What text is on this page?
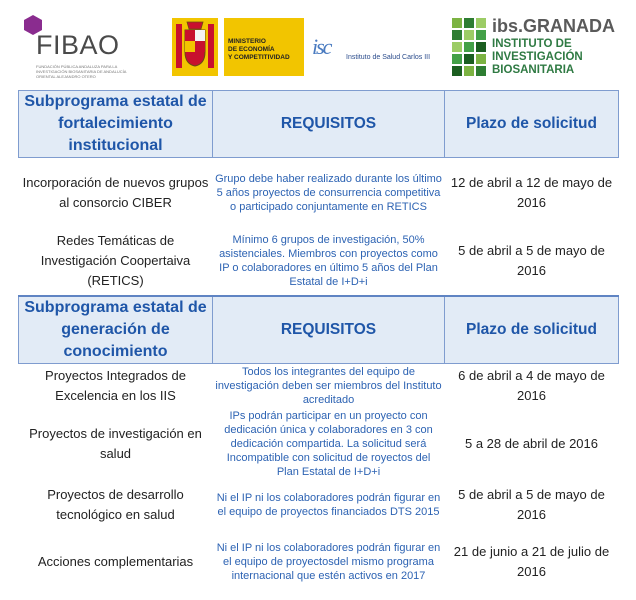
FIBAO
FUNDACIÓN PÚBLICA ANDALUZA PARA LA INVESTIGACIÓN BIOSANITARIA DE ANDALUCÍA ORIENTAL ALEJANDRO OTERO
MINISTERIO
DE ECONOMÍA
Y COMPETITIVIDAD isc Instituto de Salud Carlos III
ibs.GRANADA
INSTITUTO DE
INVESTIGACIÓN
BIOSANITARIA
Subprograma estatal de fortalecimiento institucional	REQUISITOS	Plazo de solicitud
Incorporación de nuevos grupos al consorcio CIBER	Grupo debe haber realizado durante los último 5 años proyectos de consurrencia competitiva o participado conjuntamente en RETICS	12 de abril a 12 de mayo de 2016
Redes Temáticas de Investigación Coopertaiva (RETICS)	Mínimo 6 grupos de investigación, 50% asistenciales. Miembros con proyectos como IP o colaboradores en último 5 años del Plan Estatal de I+D+i	5 de abril a 5 de mayo de 2016
Subprograma estatal de generación de conocimiento	REQUISITOS	Plazo de solicitud
Proyectos Integrados de Excelencia en los IIS	Todos los integrantes del equipo de investigación deben ser miembros del Instituto acreditado	6 de abril a 4 de mayo de 2016
Proyectos de investigación en salud	IPs podrán participar en un proyecto con dedicación única y colaboradores en 3 con dedicación compartida. La solicitud será Incompatible con solicitud de royectos del Plan Estatal de I+D+i	5 a 28 de abril de 2016
Proyectos de desarrollo tecnológico en salud	Ni el IP ni los colaboradores podrán figurar en el equipo de proyectos financiados DTS 2015	5 de abril a 5 de mayo de 2016
Acciones complementarias	Ni el IP ni los colaboradores podrán figurar en el equipo de proyectosdel mismo programa internacional que estén activos en 2017	21 de junio a 21 de julio de 2016
